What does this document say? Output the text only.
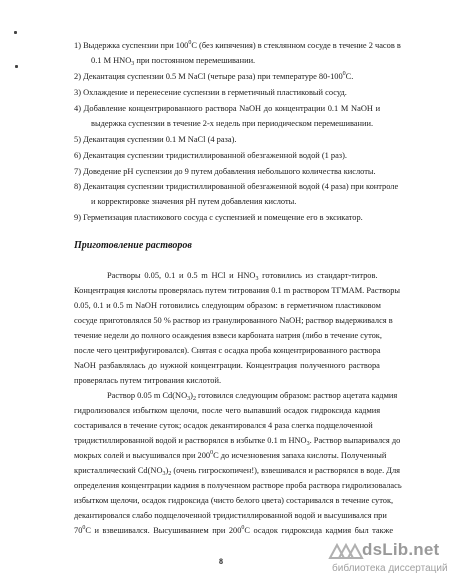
1) Выдержка суспензии при $100^0С$ (без кипячения) в стеклянном сосуде в течение 2 часов в
0.1 M $HNO_3$ при постоянном перемешивании.
2) Декантация суспензии 0.5 M NaCl (четыре раза) при температуре $80-100^0С$.
3) Охлаждение и перенесение суспензии в герметичный пластиковый сосуд.
4) Добавление концентрированного раствора NaOH до концентрации 0.1 M NaOH и
выдержка суспензии в течение 2-х недель при периодическом перемешивании.
5) Декантация суспензии 0.1 M NaCl (4 раза).
6) Декантация суспензии тридистиллированной обезгаженной водой (1 раз).
7) Доведение pH суспензии до 9 путем добавления небольшого количества кислоты.
8) Декантация суспензии тридистиллированной обезгаженной водой (4 раза) при контроле
и корректировке значения pH путем добавления кислоты.
9) Герметизация пластикового сосуда с суспензией и помещение его в эксикатор.
Приготовление растворов
Растворы 0.05, 0.1 и 0.5 m HCl и $HNO_3$ готовились из стандарт-титров.
Концентрация кислоты проверялась путем титрования 0.1 m раствором ТГМАМ. Растворы
0.05, 0.1 и 0.5 m NaOH готовились следующим образом: в герметичном пластиковом
сосуде приготовлялся 50 % раствор из гранулированного NaOH; раствор выдерживался в
течение недели до полного осаждения взвеси карбоната натрия (либо в течение суток,
после чего центрифугировался). Снятая с осадка проба концентрированного раствора
NaOH разбавлялась до нужной концентрации. Концентрация полученного раствора
проверялась путем титрования кислотой.
Раствор 0.05 m $Cd(NO_3)_2$ готовился следующим образом: раствор ацетата кадмия
гидролизовался избытком щелочи, после чего выпавший осадок гидроксида кадмия
состаривался в течение суток; осадок декантировался 4 раза слегка подщелоченной
тридистиллированной водой и растворялся в избытке 0.1 m $HNO_3$. Раствор выпаривался до
мокрых солей и высушивался при $200^0С$ до исчезновения запаха кислоты. Полученный
кристаллический $Cd(NO_3)_2$ (очень гигроскопичен!), взвешивался и растворялся в воде. Для
определения концентрации кадмия в полученном растворе проба раствора гидролизовалась
избытком щелочи, осадок гидроксида (чисто белого цвета) состаривался в течение суток,
декантировался слабо подщелоченной тридистиллированной водой и высушивался при
$70^0С$ и взвешивался. Высушиванием при $200^0С$ осадок гидроксида кадмия был также
8
dsLib.net
библиотека диссертаций
